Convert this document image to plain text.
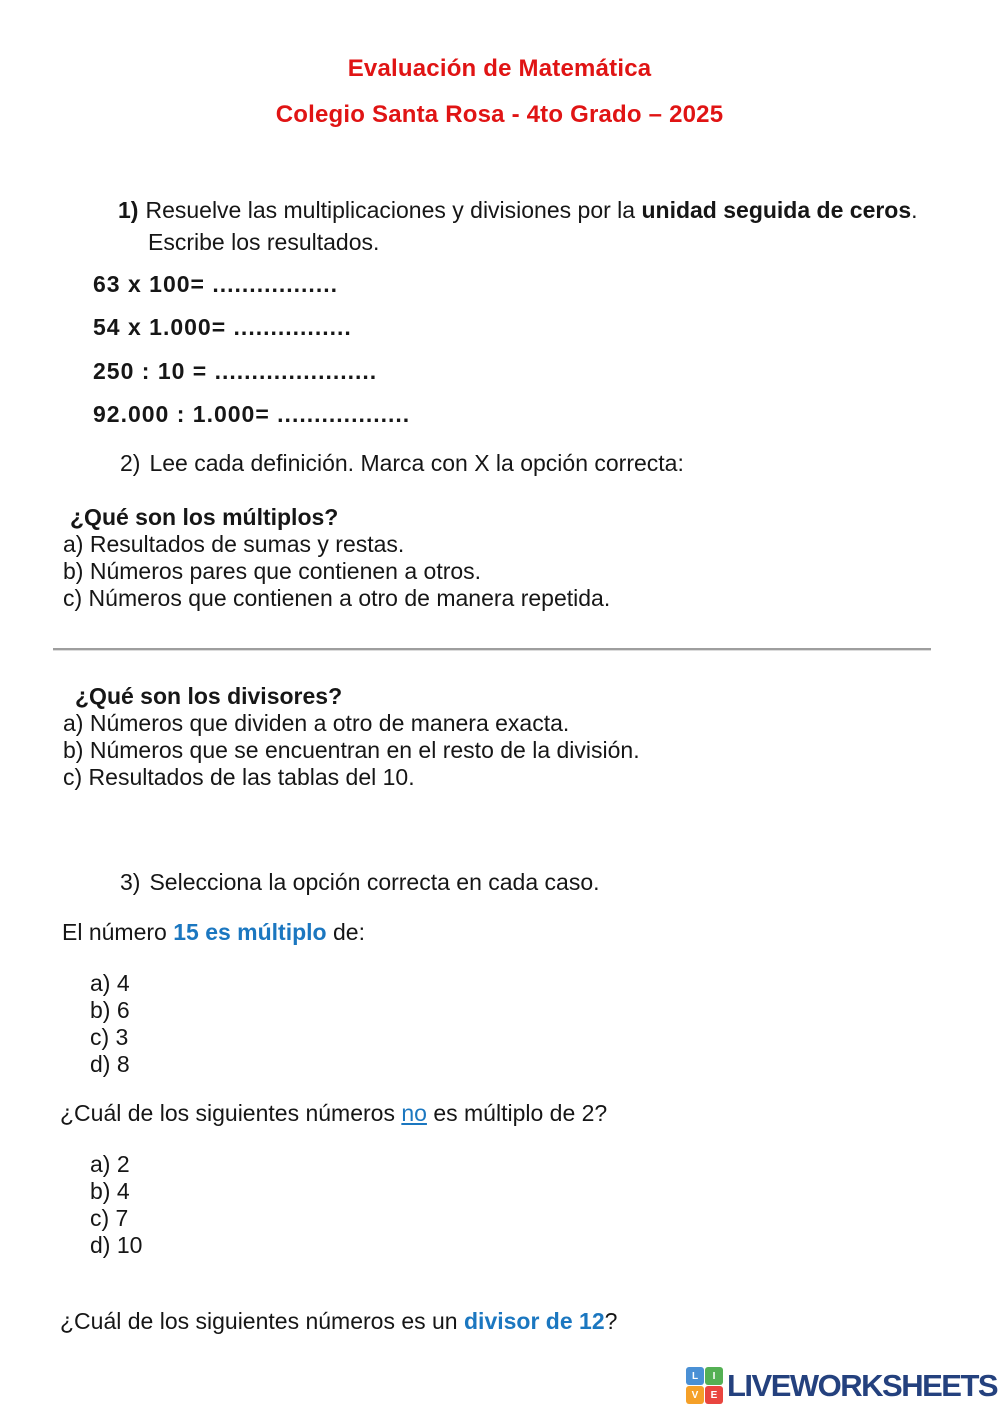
Evaluación de Matemática
Colegio Santa Rosa - 4to Grado – 2025
1) Resuelve las multiplicaciones y divisiones por la unidad seguida de ceros.
Escribe los resultados.
63 x 100= .................
54 x 1.000= ................
250 : 10 = ......................
92.000 : 1.000= ..................
2) Lee cada definición. Marca con X la opción correcta:
¿Qué son los múltiplos?
a) Resultados de sumas y restas.
b) Números pares que contienen a otros.
c) Números que contienen a otro de manera repetida.
¿Qué son los divisores?
a) Números que dividen a otro de manera exacta.
b) Números que se encuentran en el resto de la división.
c) Resultados de las tablas del 10.
3) Selecciona la opción correcta en cada caso.
El número 15 es múltiplo de:
a) 4
b) 6
c) 3
d) 8
¿Cuál de los siguientes números no es múltiplo de 2?
a) 2
b) 4
c) 7
d) 10
¿Cuál de los siguientes números es un divisor de 12?
L	I
V	E LIVEWORKSHEETS
